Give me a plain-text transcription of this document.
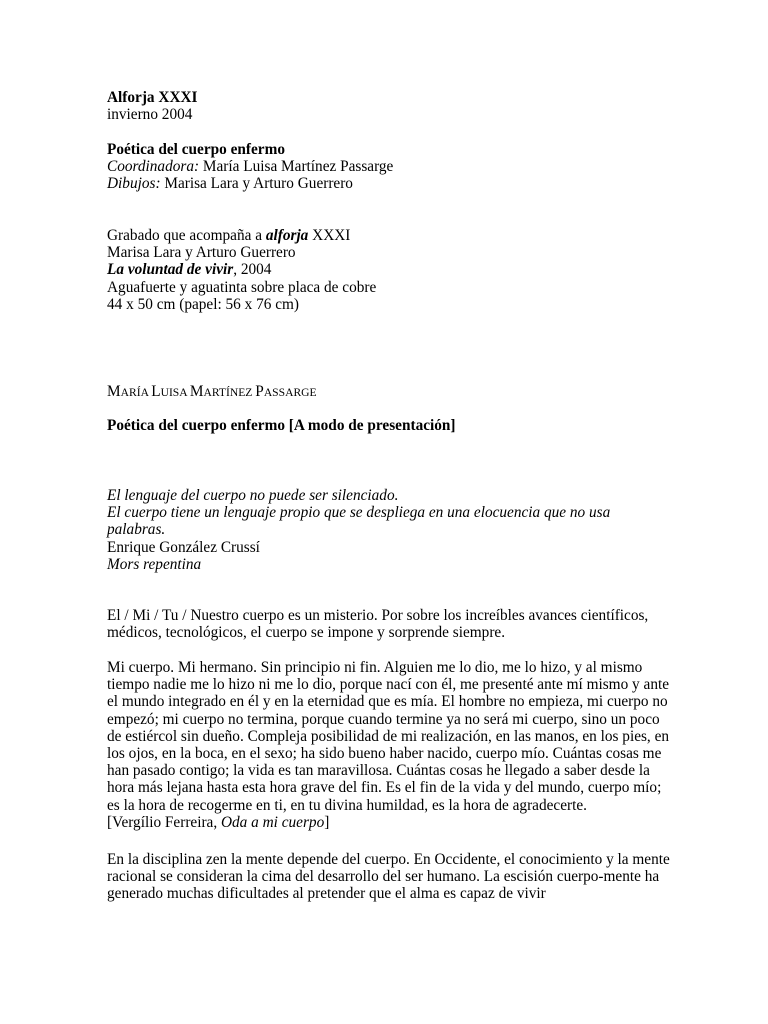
Alforja XXXI
invierno 2004
Poética del cuerpo enfermo
Coordinadora: María Luisa Martínez Passarge
Dibujos: Marisa Lara y Arturo Guerrero
Grabado que acompaña a alforja XXXI
Marisa Lara y Arturo Guerrero
La voluntad de vivir, 2004
Aguafuerte y aguatinta sobre placa de cobre
44 x 50 cm (papel: 56 x 76 cm)
MARÍA LUISA MARTÍNEZ PASSARGE
Poética del cuerpo enfermo [A modo de presentación]
El lenguaje del cuerpo no puede ser silenciado.
El cuerpo tiene un lenguaje propio que se despliega en una elocuencia que no usa
palabras.
Enrique González Crussí
Mors repentina
El / Mi / Tu / Nuestro cuerpo es un misterio. Por sobre los increíbles avances científicos,
médicos, tecnológicos, el cuerpo se impone y sorprende siempre.
Mi cuerpo. Mi hermano. Sin principio ni fin. Alguien me lo dio, me lo hizo, y al mismo
tiempo nadie me lo hizo ni me lo dio, porque nací con él, me presenté ante mí mismo y ante
el mundo integrado en él y en la eternidad que es mía. El hombre no empieza, mi cuerpo no
empezó; mi cuerpo no termina, porque cuando termine ya no será mi cuerpo, sino un poco
de estiércol sin dueño. Compleja posibilidad de mi realización, en las manos, en los pies, en
los ojos, en la boca, en el sexo; ha sido bueno haber nacido, cuerpo mío. Cuántas cosas me
han pasado contigo; la vida es tan maravillosa. Cuántas cosas he llegado a saber desde la
hora más lejana hasta esta hora grave del fin. Es el fin de la vida y del mundo, cuerpo mío;
es la hora de recogerme en ti, en tu divina humildad, es la hora de agradecerte.
[Vergílio Ferreira, Oda a mi cuerpo]
En la disciplina zen la mente depende del cuerpo. En Occidente, el conocimiento y la mente
racional se consideran la cima del desarrollo del ser humano. La escisión cuerpo-mente ha
generado muchas dificultades al pretender que el alma es capaz de vivir
